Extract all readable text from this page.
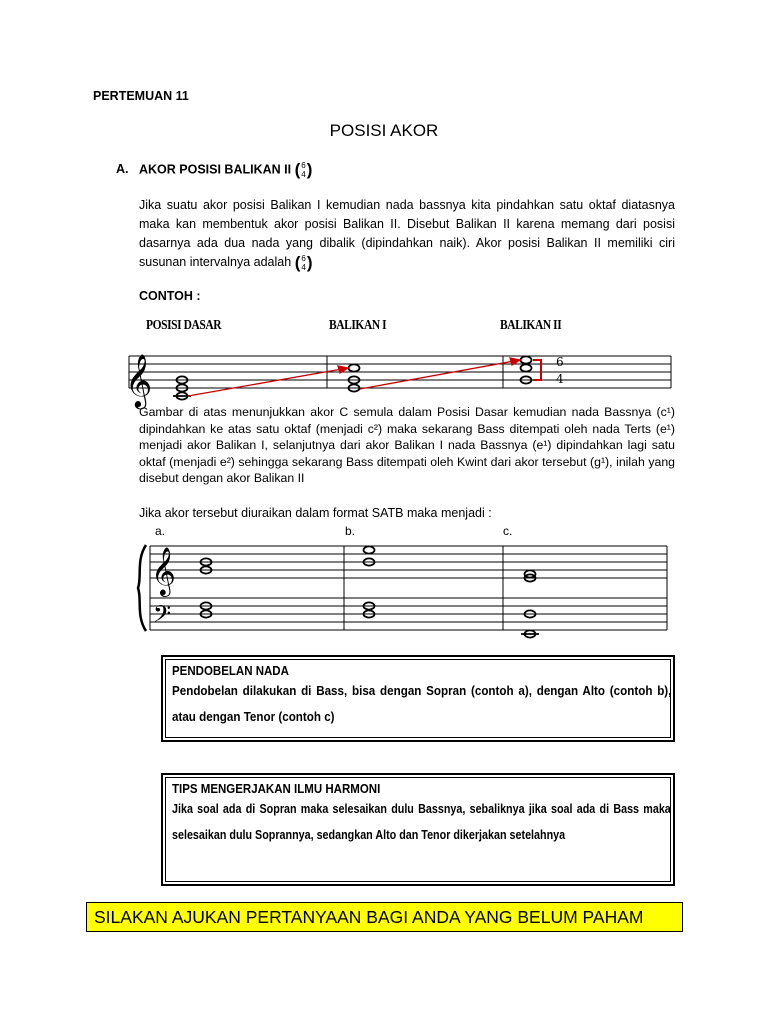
PERTEMUAN 11
POSISI AKOR
A. AKOR POSISI BALIKAN II (6
4)
Jika suatu akor posisi Balikan I kemudian nada bassnya kita pindahkan satu oktaf diatasnya maka kan membentuk akor posisi Balikan II. Disebut Balikan II karena memang dari posisi dasarnya ada dua nada yang dibalik (dipindahkan naik). Akor posisi Balikan II memiliki ciri susunan intervalnya adalah (6
4)
CONTOH :
POSISI DASAR	BALIKAN I	BALIKAN II
𝄞	6
4
Gambar di atas menunjukkan akor C semula dalam Posisi Dasar kemudian nada Bassnya (c¹) dipindahkan ke atas satu oktaf (menjadi c²) maka sekarang Bass ditempati oleh nada Terts (e¹) menjadi akor Balikan I, selanjutnya dari akor Balikan I nada Bassnya (e¹) dipindahkan lagi satu oktaf (menjadi e²) sehingga sekarang Bass ditempati oleh Kwint dari akor tersebut (g¹), inilah yang disebut dengan akor Balikan II
Jika akor tersebut diuraikan dalam format SATB maka menjadi :
a.	b.	c.
𝄞
𝄢
PENDOBELAN NADA
Pendobelan dilakukan di Bass, bisa dengan Sopran (contoh a), dengan Alto (contoh b), atau dengan Tenor (contoh c)
TIPS MENGERJAKAN ILMU HARMONI
Jika soal ada di Sopran maka selesaikan dulu Bassnya, sebaliknya jika soal ada di Bass maka selesaikan dulu Soprannya, sedangkan Alto dan Tenor dikerjakan setelahnya
SILAKAN AJUKAN PERTANYAAN BAGI ANDA YANG BELUM PAHAM
